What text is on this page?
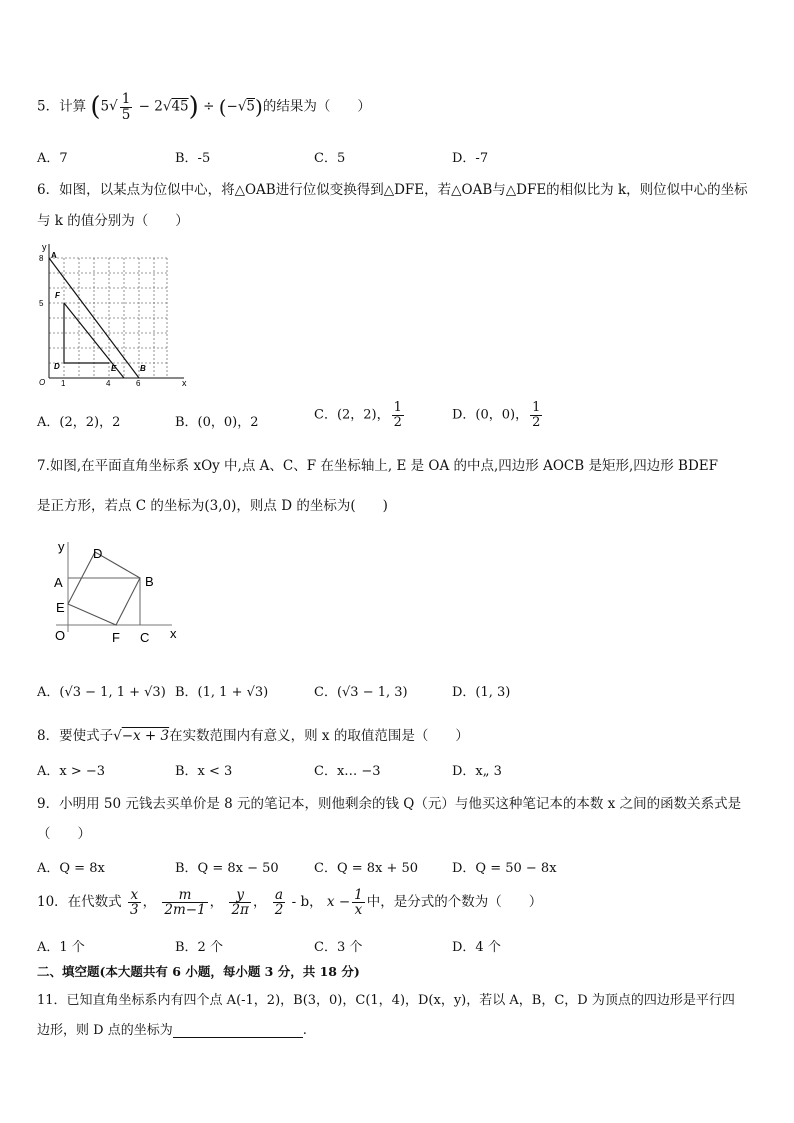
5．计算 $(5√ \frac{1}{5} - 2√45) \div (-√5)$的结果为（　　）
A．7	B．-5	C．5	D．-7
6．如图，以某点为位似中心，将△OAB进行位似变换得到△DFE，若△OAB与△DFE的相似比为 k，则位似中心的坐标
与 k 的值分别为（　　）
y
A
8
F
5
D	E	B
O 1	4	6	x
A．(2，2)，2	B．(0，0)，2	C．(2，2)， $\frac{1}{2}$	D．(0，0)， $\frac{1}{2}$
7.如图,在平面直角坐标系 xOy 中,点 A、C、F 在坐标轴上, E 是 OA 的中点,四边形 AOCB 是矩形,四边形 BDEF
是正方形，若点 C 的坐标为(3,0)，则点 D 的坐标为(　　)
y D
A	B
E
O	F C x
A．(√3 − 1, 1 + √3) B．(1, 1 + √3)	C．(√3 − 1, 3)	D．(1, 3)
8．要使式子√−x + 3在实数范围内有意义，则 x 的取值范围是（　　）
A．x > −3	B．x < 3	C．x… −3	D．x„ 3
9．小明用 50 元钱去买单价是 8 元的笔记本，则他剩余的钱 Q（元）与他买这种笔记本的本数 x 之间的函数关系式是
（　　）
A．Q = 8x	B．Q = 8x − 50	C．Q = 8x + 50	D．Q = 50 − 8x
10．在代数式 $\frac{x}{3}$ ， $\frac{m}{2m-1}$ ， $\frac{y}{2\pi}$ ， $\frac{a}{2}$ - b， $x - \frac{1}{x}$ 中，是分式的个数为（　　）
A．1 个	B．2 个	C．3 个	D．4 个
二、填空题(本大题共有 6 小题，每小题 3 分，共 18 分)
11．已知直角坐标系内有四个点 A(-1，2)，B(3，0)，C(1，4)，D(x，y)，若以 A，B，C，D 为顶点的四边形是平行四
边形，则 D 点的坐标为	.
